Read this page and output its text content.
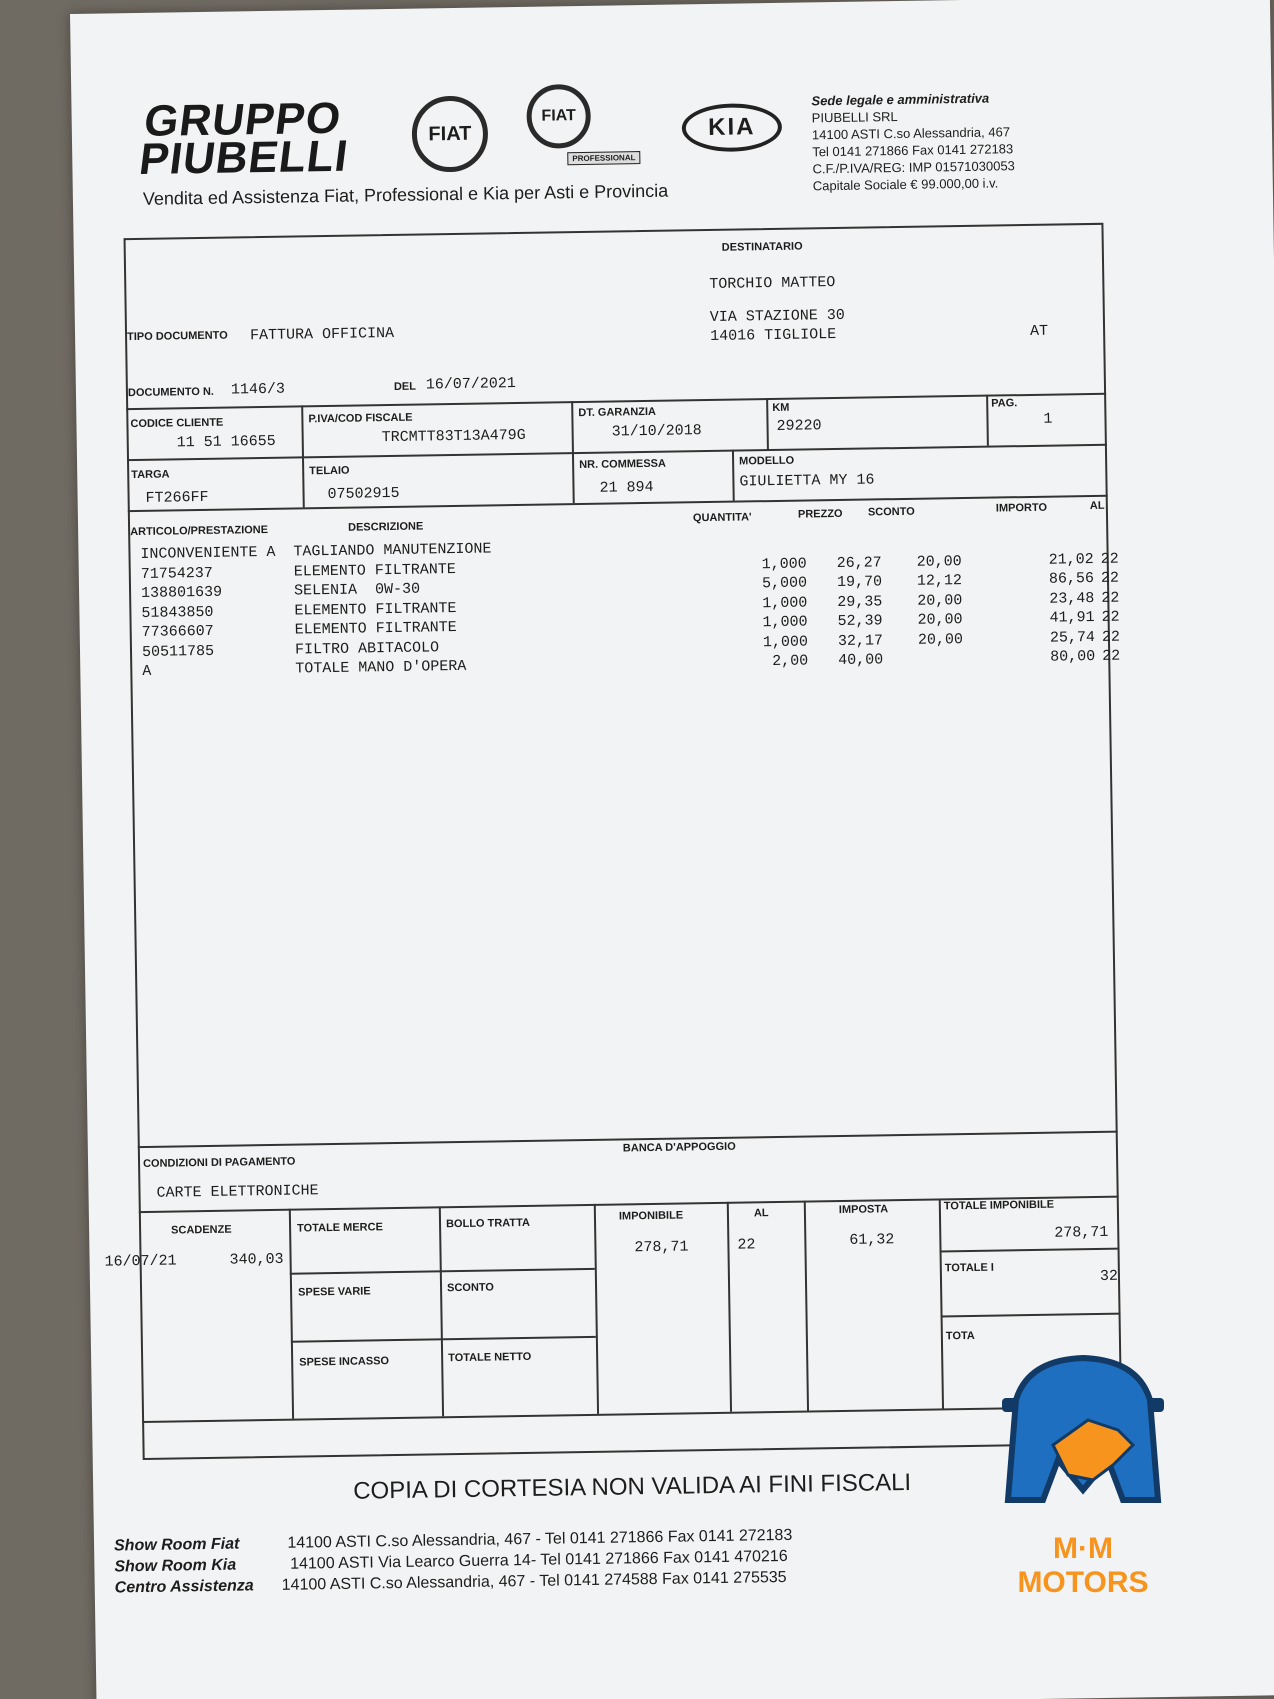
GRUPPO
PIUBELLI	FIAT
FIAT
PROFESSIONAL
KIA
Vendita ed Assistenza Fiat, Professional e Kia per Asti e Provincia
Sede legale e amministrativa
PIUBELLI SRL
14100 ASTI C.so Alessandria, 467
Tel 0141 271866 Fax 0141 272183
C.F./P.IVA/REG: IMP 01571030053
Capitale Sociale € 99.000,00 i.v.
DESTINATARIO
TORCHIO MATTEO
VIA STAZIONE 30
14016 TIGLIOLE	AT
TIPO DOCUMENTO FATTURA OFFICINA
DOCUMENTO N. 1146/3	DEL 16/07/2021
CODICE CLIENTE
11 51 16655
P.IVA/COD FISCALE
TRCMTT83T13A479G
DT. GARANZIA
31/10/2018
KM
29220
PAG.
1
TARGA
FT266FF
TELAIO
07502915
NR. COMMESSA
21 894
MODELLO
GIULIETTA MY 16
ARTICOLO/PRESTAZIONE	DESCRIZIONE
QUANTITA'	PREZZO SCONTO	IMPORTO	AL
INCONVENIENTE A	TAGLIANDO MANUTENZIONE					
71754237	ELEMENTO FILTRANTE	1,000	26,27	20,00	21,02	22
138801639	SELENIA  0W-30	5,000	19,70	12,12	86,56	22
51843850	ELEMENTO FILTRANTE	1,000	29,35	20,00	23,48	22
77366607	ELEMENTO FILTRANTE	1,000	52,39	20,00	41,91	22
50511785	FILTRO ABITACOLO	1,000	32,17	20,00	25,74	22
A	TOTALE MANO D'OPERA	2,00	40,00		80,00	22
CONDIZIONI DI PAGAMENTO
CARTE ELETTRONICHE
BANCA D'APPOGGIO
SCADENZE
16/07/21	340,03
TOTALE MERCE	BOLLO TRATTA
SPESE VARIE	SCONTO
SPESE INCASSO	TOTALE NETTO
IMPONIBILE
278,71
AL
22
IMPOSTA
61,32
TOTALE IMPONIBILE
278,71
TOTALE I	32
TOTA
COPIA DI CORTESIA NON VALIDA AI FINI FISCALI
Show Room Fiat	14100 ASTI C.so Alessandria, 467 - Tel 0141 271866 Fax 0141 272183
Show Room Kia	14100 ASTI Via Learco Guerra 14- Tel 0141 271866 Fax 0141 470216
Centro Assistenza 14100 ASTI C.so Alessandria, 467 - Tel 0141 274588 Fax 0141 275535
M·M MOTORS
